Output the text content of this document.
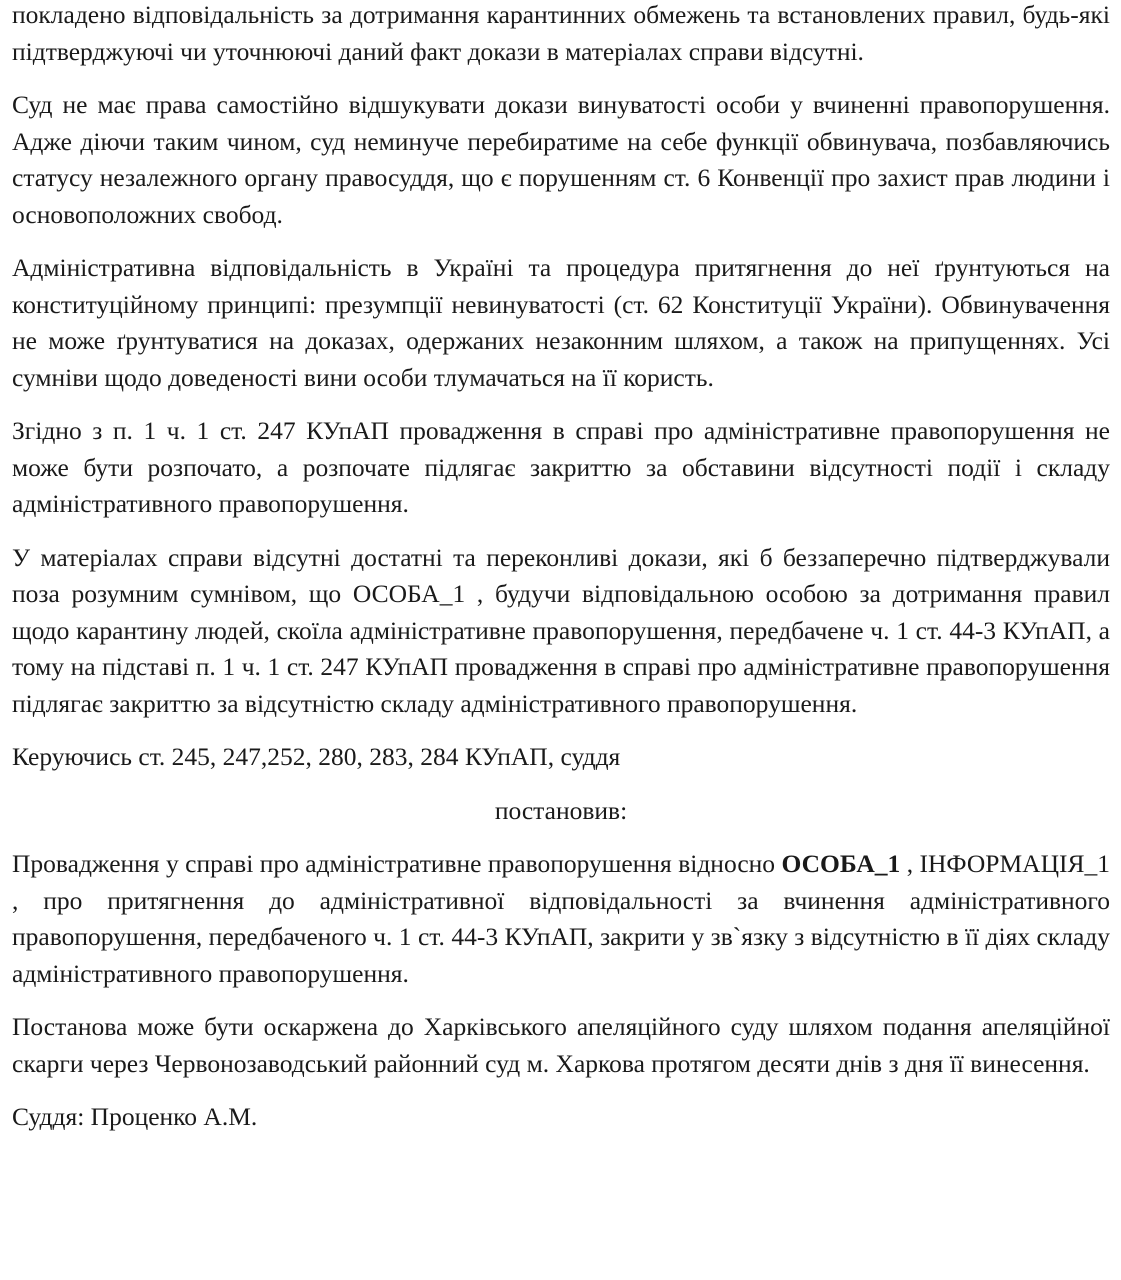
покладено відповідальність за дотримання карантинних обмежень та встановлених правил, будь-які підтверджуючі чи уточнюючі даний факт докази в матеріалах справи відсутні.

Суд не має права самостійно відшукувати докази винуватості особи у вчиненні правопорушення. Адже діючи таким чином, суд неминуче перебиратиме на себе функції обвинувача, позбавляючись статусу незалежного органу правосуддя, що є порушенням ст. 6 Конвенції про захист прав людини і основоположних свобод.

Адміністративна відповідальність в Україні та процедура притягнення до неї ґрунтуються на конституційному принципі: презумпції невинуватості (ст. 62 Конституції України). Обвинувачення не може ґрунтуватися на доказах, одержаних незаконним шляхом, а також на припущеннях. Усі сумніви щодо доведеності вини особи тлумачаться на її користь.

Згідно з п. 1 ч. 1 ст. 247 КУпАП провадження в справі про адміністративне правопорушення не може бути розпочато, а розпочате підлягає закриттю за обставини відсутності події і складу адміністративного правопорушення.

У матеріалах справи відсутні достатні та переконливі докази, які б беззаперечно підтверджували поза розумним сумнівом, що ОСОБА_1 , будучи відповідальною особою за дотримання правил щодо карантину людей, скоїла адміністративне правопорушення, передбачене ч. 1 ст. 44-3 КУпАП, а тому на підставі п. 1 ч. 1 ст. 247 КУпАП провадження в справі про адміністративне правопорушення підлягає закриттю за відсутністю складу адміністративного правопорушення.

Керуючись ст. 245, 247,252, 280, 283, 284 КУпАП, суддя

постановив:

Провадження у справі про адміністративне правопорушення відносно ОСОБА_1 , ІНФОРМАЦІЯ_1 , про притягнення до адміністративної відповідальності за вчинення адміністративного правопорушення, передбаченого ч. 1 ст. 44-3 КУпАП, закрити у зв`язку з відсутністю в її діях складу адміністративного правопорушення.

Постанова може бути оскаржена до Харківського апеляційного суду шляхом подання апеляційної скарги через Червонозаводський районний суд м. Харкова протягом десяти днів з дня її винесення.

Суддя: Проценко А.М.
